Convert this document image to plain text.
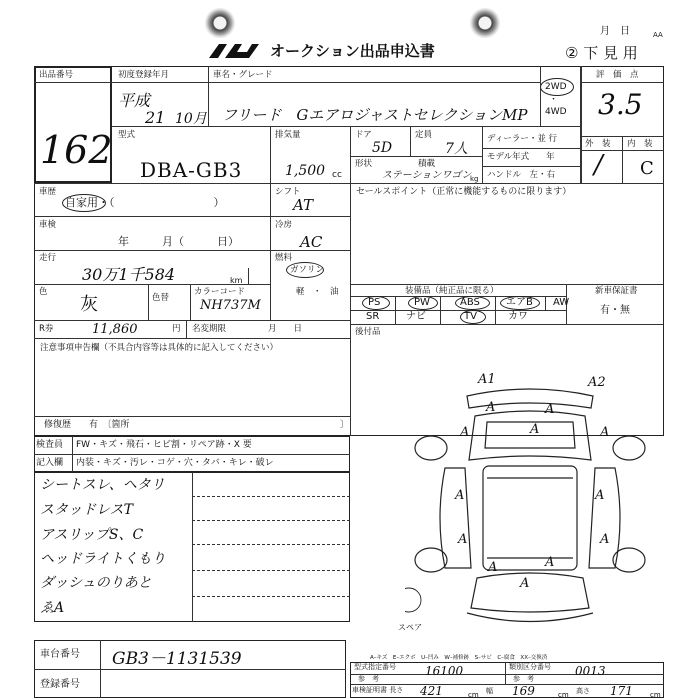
オークション出品申込書
月　日	AA
② 下 見 用
出品番号
162
初度登録年月	車名・グレード
平成
21 10月 フリード　GエアロジャストセレクションMP
2WD
・
4WD
評　価　点
3.5
外　装 内　装
/ C
型式
DBA-GB3
排気量
1,500 cc
ドア
5D
定員
7人
ディーラー・並 行
モデル年式　　年
ハンドル　左・右
形状
ステーションワゴン
積載
kg
車歴
自家用・（　　　　　　　　　）
シフト
AT
セールスポイント（正常に機能するものに限ります）
車検
年　　　月（　　　日）
冷房
AC
走行
30万1千584	km
燃料
ガソリン
軽　・　油
色
灰	色替
カラーコード
NH737M
装備品（純正品に限る）	新車保証書
有・無
PS	PW	ABS	エアB AW
SR	ナビ	TV	カワ
後付品
R券	11,860	円 名変期限	月　　日
注意事項申告欄（不具合内容等は具体的に記入してください）
修復歴　　有　〔箇所	〕
検査員 FW・キズ・飛石・ヒビ割・リペア跡・X 要
記入欄 内装・キズ・汚レ・コゲ・穴・タバ・キレ・破レ
シートスレ、ヘタリ
スタッドレスT
アスリップS、C
ヘッドライトくもり
ダッシュのりあと
ゑA
スペア
A1	A2
A	A
A	A	A
A	A
A	A
A
A
A
車台番号 GB3－1131539
登録番号
A–キズ　E–エクボ　U–凹み　W–補修跡　S–サビ　C–腐食　XX–交換済
型式指定番号
参　考
16100	類別区分番号
参　考
0013
車検証明書 長さ 421	cm 幅 169	cm 高さ 171 cm
